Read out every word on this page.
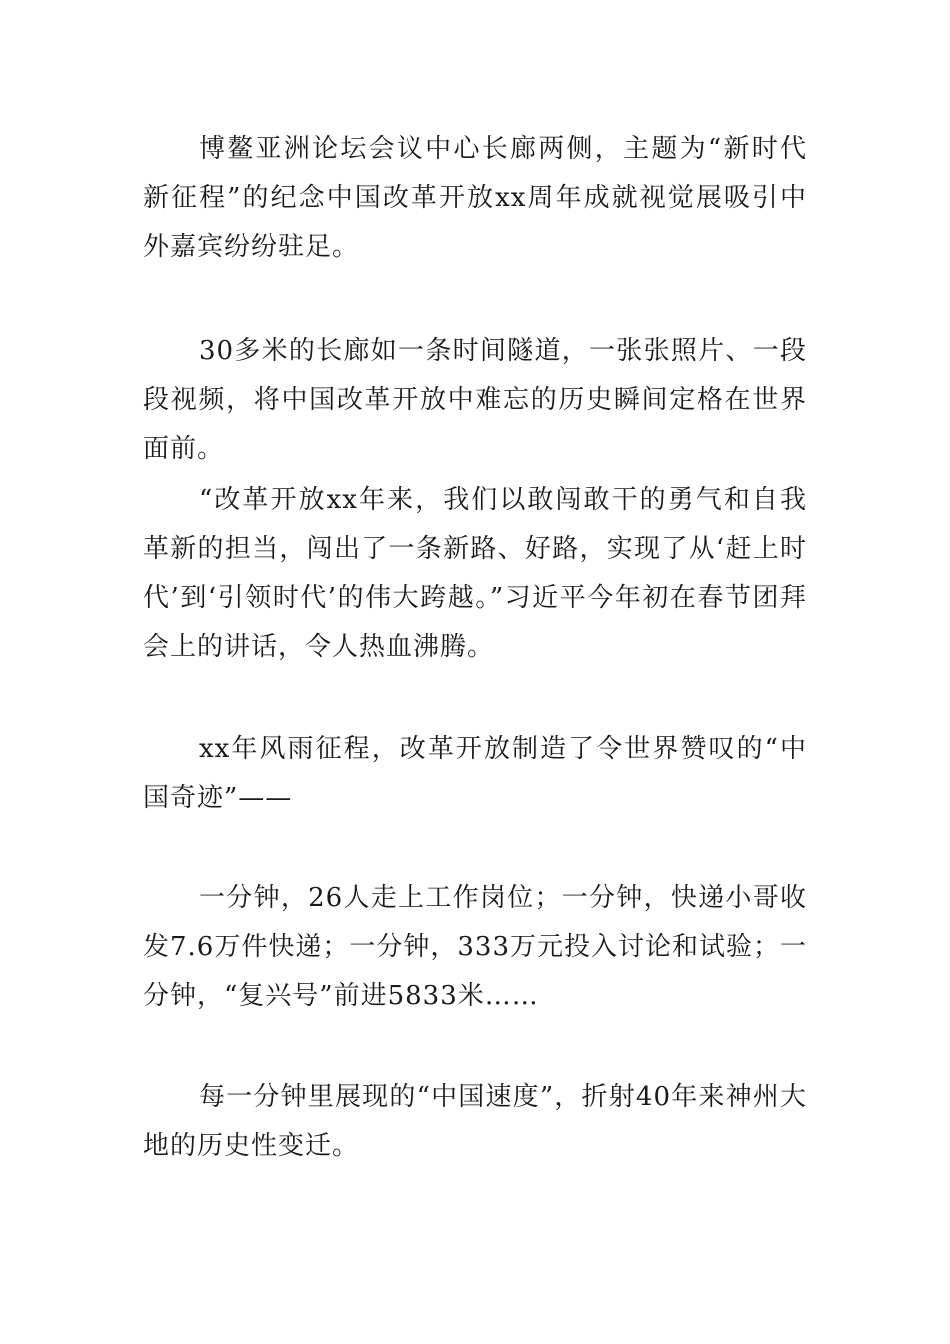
博鳌亚洲论坛会议中心长廊两侧，主题为“新时代新征程”的纪念中国改革开放xx周年成就视觉展吸引中外嘉宾纷纷驻足。

30多米的长廊如一条时间隧道，一张张照片、一段段视频，将中国改革开放中难忘的历史瞬间定格在世界面前。

“改革开放xx年来，我们以敢闯敢干的勇气和自我革新的担当，闯出了一条新路、好路，实现了从‘赶上时代’到‘引领时代’的伟大跨越。”习近平今年初在春节团拜会上的讲话，令人热血沸腾。

xx年风雨征程，改革开放制造了令世界赞叹的“中国奇迹”——

一分钟，26人走上工作岗位；一分钟，快递小哥收发7.6万件快递；一分钟，333万元投入讨论和试验；一分钟，“复兴号”前进5833米……

每一分钟里展现的“中国速度”，折射40年来神州大地的历史性变迁。
